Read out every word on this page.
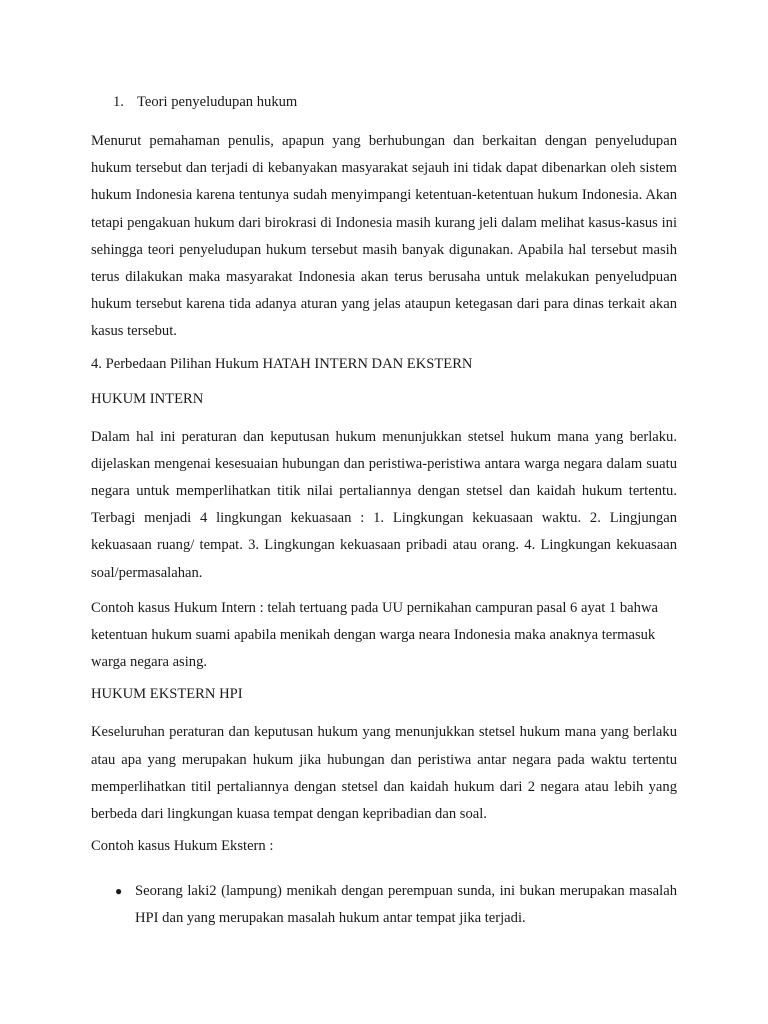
1. Teori penyeludupan hukum

Menurut pemahaman penulis, apapun yang berhubungan dan berkaitan dengan penyeludupan hukum tersebut dan terjadi di kebanyakan masyarakat sejauh ini tidak dapat dibenarkan oleh sistem hukum Indonesia karena tentunya sudah menyimpangi ketentuan-ketentuan hukum Indonesia. Akan tetapi pengakuan hukum dari birokrasi di Indonesia masih kurang jeli dalam melihat kasus-kasus ini sehingga teori penyeludupan hukum tersebut masih banyak digunakan. Apabila hal tersebut masih terus dilakukan maka masyarakat Indonesia akan terus berusaha untuk melakukan penyeludpuan hukum tersebut karena tida adanya aturan yang jelas ataupun ketegasan dari para dinas terkait akan kasus tersebut.

4. Perbedaan Pilihan Hukum HATAH INTERN DAN EKSTERN
HUKUM INTERN

Dalam hal ini peraturan dan keputusan hukum menunjukkan stetsel hukum mana yang berlaku. dijelaskan mengenai kesesuaian hubungan dan peristiwa-peristiwa antara warga negara dalam suatu negara untuk memperlihatkan titik nilai pertaliannya dengan stetsel dan kaidah hukum tertentu. Terbagi menjadi 4 lingkungan kekuasaan : 1. Lingkungan kekuasaan waktu. 2. Lingjungan kekuasaan ruang/ tempat. 3. Lingkungan kekuasaan pribadi atau orang. 4. Lingkungan kekuasaan soal/permasalahan.

Contoh kasus Hukum Intern : telah tertuang pada UU pernikahan campuran pasal 6 ayat 1 bahwa ketentuan hukum suami apabila menikah dengan warga neara Indonesia maka anaknya termasuk warga negara asing.

HUKUM EKSTERN HPI

Keseluruhan peraturan dan keputusan hukum yang menunjukkan stetsel hukum mana yang berlaku atau apa yang merupakan hukum jika hubungan dan peristiwa antar negara pada waktu tertentu memperlihatkan titil pertaliannya dengan stetsel dan kaidah hukum dari 2 negara atau lebih yang berbeda dari lingkungan kuasa tempat dengan kepribadian dan soal.

Contoh kasus Hukum Ekstern :
● Seorang laki2 (lampung) menikah dengan perempuan sunda, ini bukan merupakan masalah HPI dan yang merupakan masalah hukum antar tempat jika terjadi.
